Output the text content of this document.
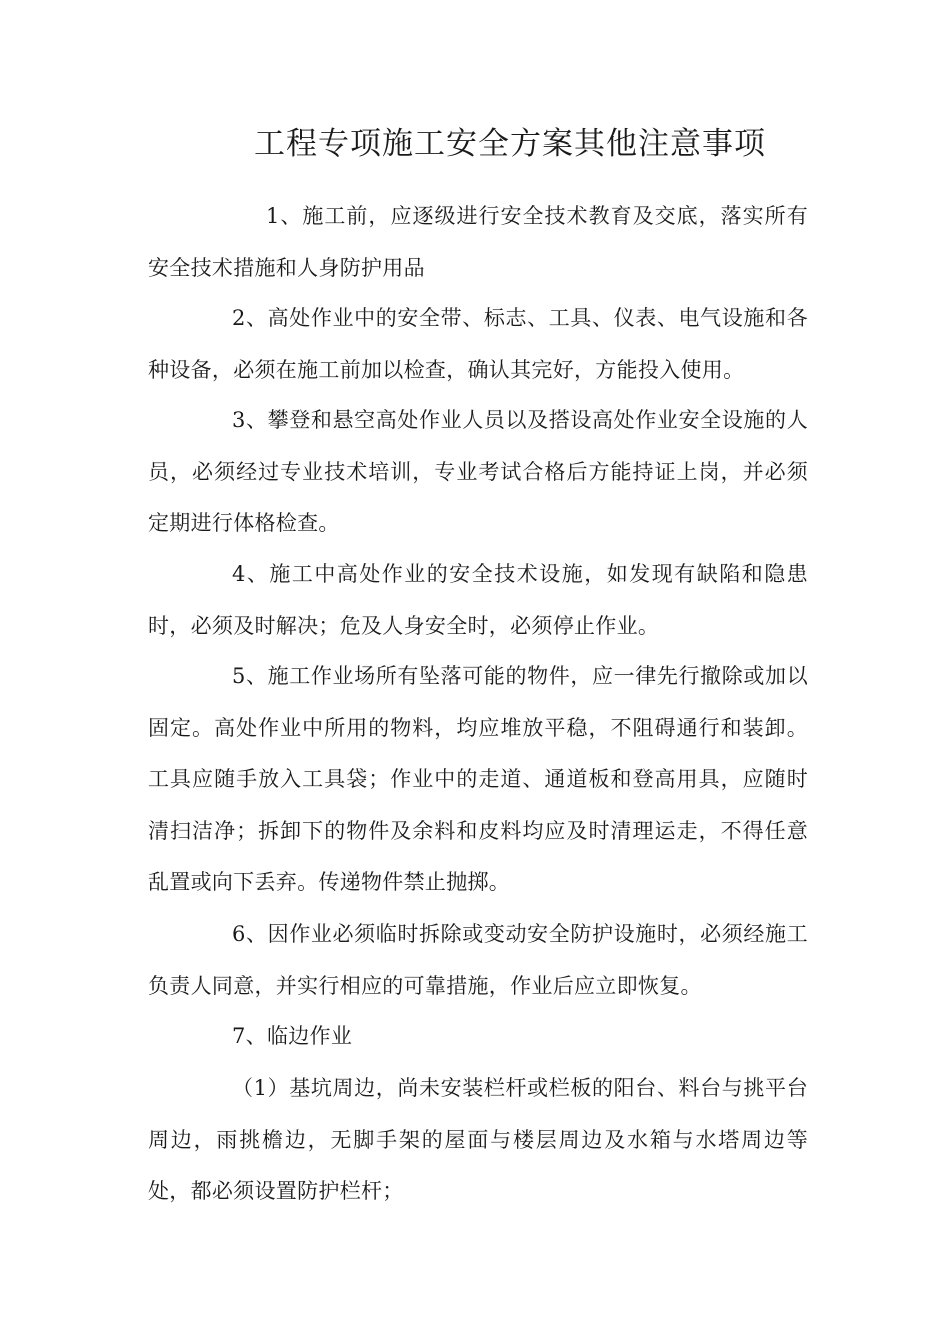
工程专项施工安全方案其他注意事项
1、施工前，应逐级进行安全技术教育及交底，落实所有安全技术措施和人身防护用品
2、高处作业中的安全带、标志、工具、仪表、电气设施和各种设备，必须在施工前加以检查，确认其完好，方能投入使用。
3、攀登和悬空高处作业人员以及搭设高处作业安全设施的人员，必须经过专业技术培训，专业考试合格后方能持证上岗，并必须定期进行体格检查。
4、施工中高处作业的安全技术设施，如发现有缺陷和隐患时，必须及时解决；危及人身安全时，必须停止作业。
5、施工作业场所有坠落可能的物件，应一律先行撤除或加以固定。高处作业中所用的物料，均应堆放平稳，不阻碍通行和装卸。工具应随手放入工具袋；作业中的走道、通道板和登高用具，应随时清扫洁净；拆卸下的物件及余料和皮料均应及时清理运走，不得任意乱置或向下丢弃。传递物件禁止抛掷。
6、因作业必须临时拆除或变动安全防护设施时，必须经施工负责人同意，并实行相应的可靠措施，作业后应立即恢复。
7、临边作业
（1）基坑周边，尚未安装栏杆或栏板的阳台、料台与挑平台周边，雨挑檐边，无脚手架的屋面与楼层周边及水箱与水塔周边等处，都必须设置防护栏杆；
